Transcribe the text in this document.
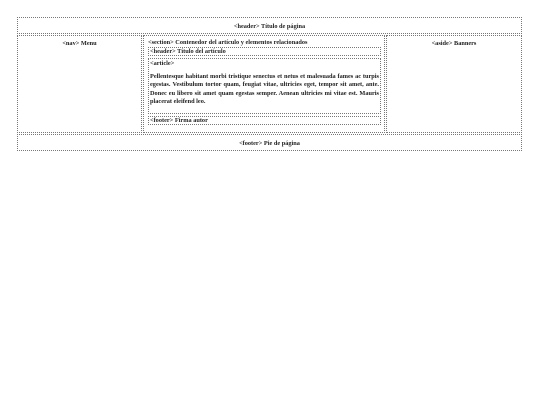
<header> Título de página
<nav> Menu	<section> Contenedor del artículo y elementos relacionados
<header> Título del artículo
<article>
Pellentesque habitant morbi tristique senectus et netus et malesuada fames ac turpis egestas. Vestibulum tortor quam, feugiat vitae, ultricies eget, tempor sit amet, ante. Donec eu libero sit amet quam egestas semper. Aenean ultricies mi vitae est. Mauris placerat eleifend leo.
<footer> Firma autor
<aside> Banners
<footer> Pie de página
